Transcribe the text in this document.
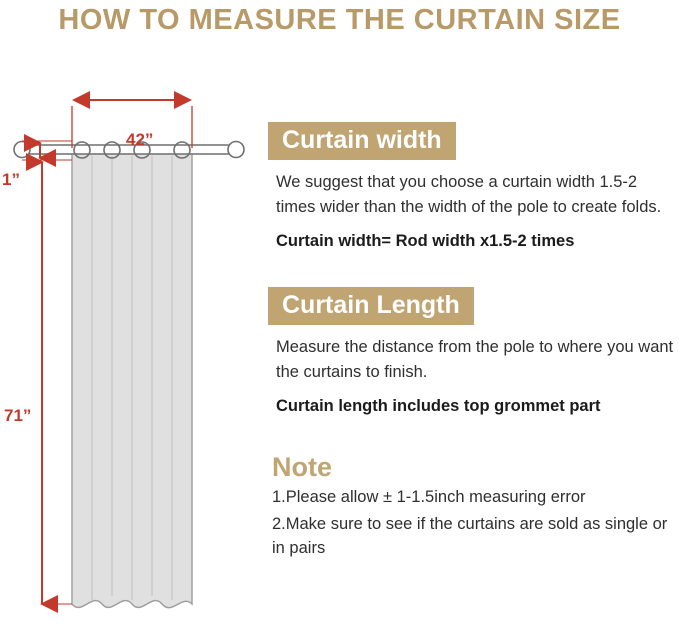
HOW TO MEASURE THE CURTAIN SIZE
42”
1”
71”
Curtain width

We suggest that you choose a curtain width 1.5-2 times wider than the width of the pole to create folds.

Curtain width= Rod width x1.5-2 times

Curtain Length

Measure the distance from the pole to where you want the curtains to finish.

Curtain length includes top grommet part

Note

1.Please allow ± 1-1.5inch measuring error

2.Make sure to see if the curtains are sold as single or in pairs
